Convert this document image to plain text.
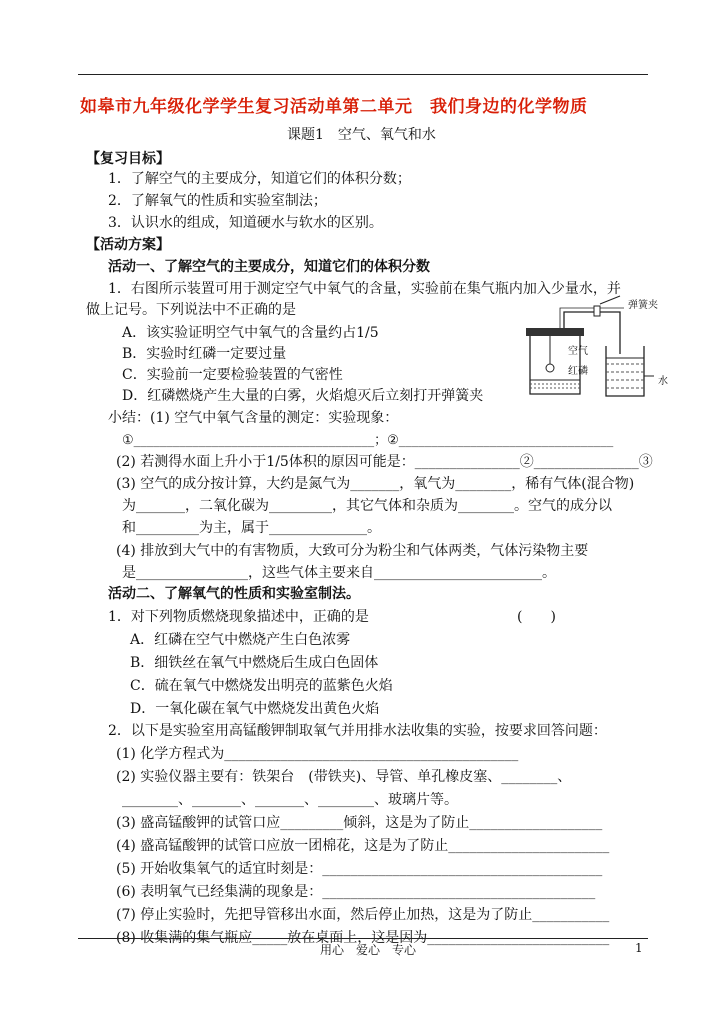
如皋市九年级化学学生复习活动单第二单元　我们身边的化学物质
课题1　空气、氧气和水
【复习目标】
1．了解空气的主要成分，知道它们的体积分数；
2．了解氧气的性质和实验室制法；
3．认识水的组成，知道硬水与软水的区别。
【活动方案】
活动一、了解空气的主要成分，知道它们的体积分数
1．右图所示装置可用于测定空气中氧气的含量，实验前在集气瓶内加入少量水，并
做上记号。下列说法中不正确的是
A．该实验证明空气中氧气的含量约占1/5
B．实验时红磷一定要过量
C．实验前一定要检验装置的气密性
D．红磷燃烧产生大量的白雾，火焰熄灭后立刻打开弹簧夹
弹簧夹
空气
红磷
水
小结：(1) 空气中氧气含量的测定：实验现象：
①_____________________________________；②_________________________________
(2) 若测得水面上升小于1/5体积的原因可能是：_______________②_______________③
(3) 空气的成分按计算，大约是氮气为_______，氧气为________，稀有气体(混合物)
为_______，二氧化碳为_________，其它气体和杂质为________。空气的成分以
和_________为主，属于______________。
(4) 排放到大气中的有害物质，大致可分为粉尘和气体两类，气体污染物主要
是________________，这些气体主要来自________________________。
活动二、了解氧气的性质和实验室制法。
1．对下列物质燃烧现象描述中，正确的是	(　　)
A．红磷在空气中燃烧产生白色浓雾
B．细铁丝在氧气中燃烧后生成白色固体
C．硫在氧气中燃烧发出明亮的蓝紫色火焰
D．一氧化碳在氧气中燃烧发出黄色火焰
2．以下是实验室用高锰酸钾制取氧气并用排水法收集的实验，按要求回答问题：
(1) 化学方程式为__________________________________________
(2) 实验仪器主要有：铁架台　(带铁夹)、导管、单孔橡皮塞、________、
________、_______、_______、________、玻璃片等。
(3) 盛高锰酸钾的试管口应_________倾斜，这是为了防止___________________
(4) 盛高锰酸钾的试管口应放一团棉花，这是为了防止_______________________
(5) 开始收集氧气的适宜时刻是：________________________________________
(6) 表明氧气已经集满的现象是：_______________________________________
(7) 停止实验时，先把导管移出水面，然后停止加热，这是为了防止___________
(8) 收集满的集气瓶应_____放在桌面上，这是因为__________________________
用心　爱心　专心	1
